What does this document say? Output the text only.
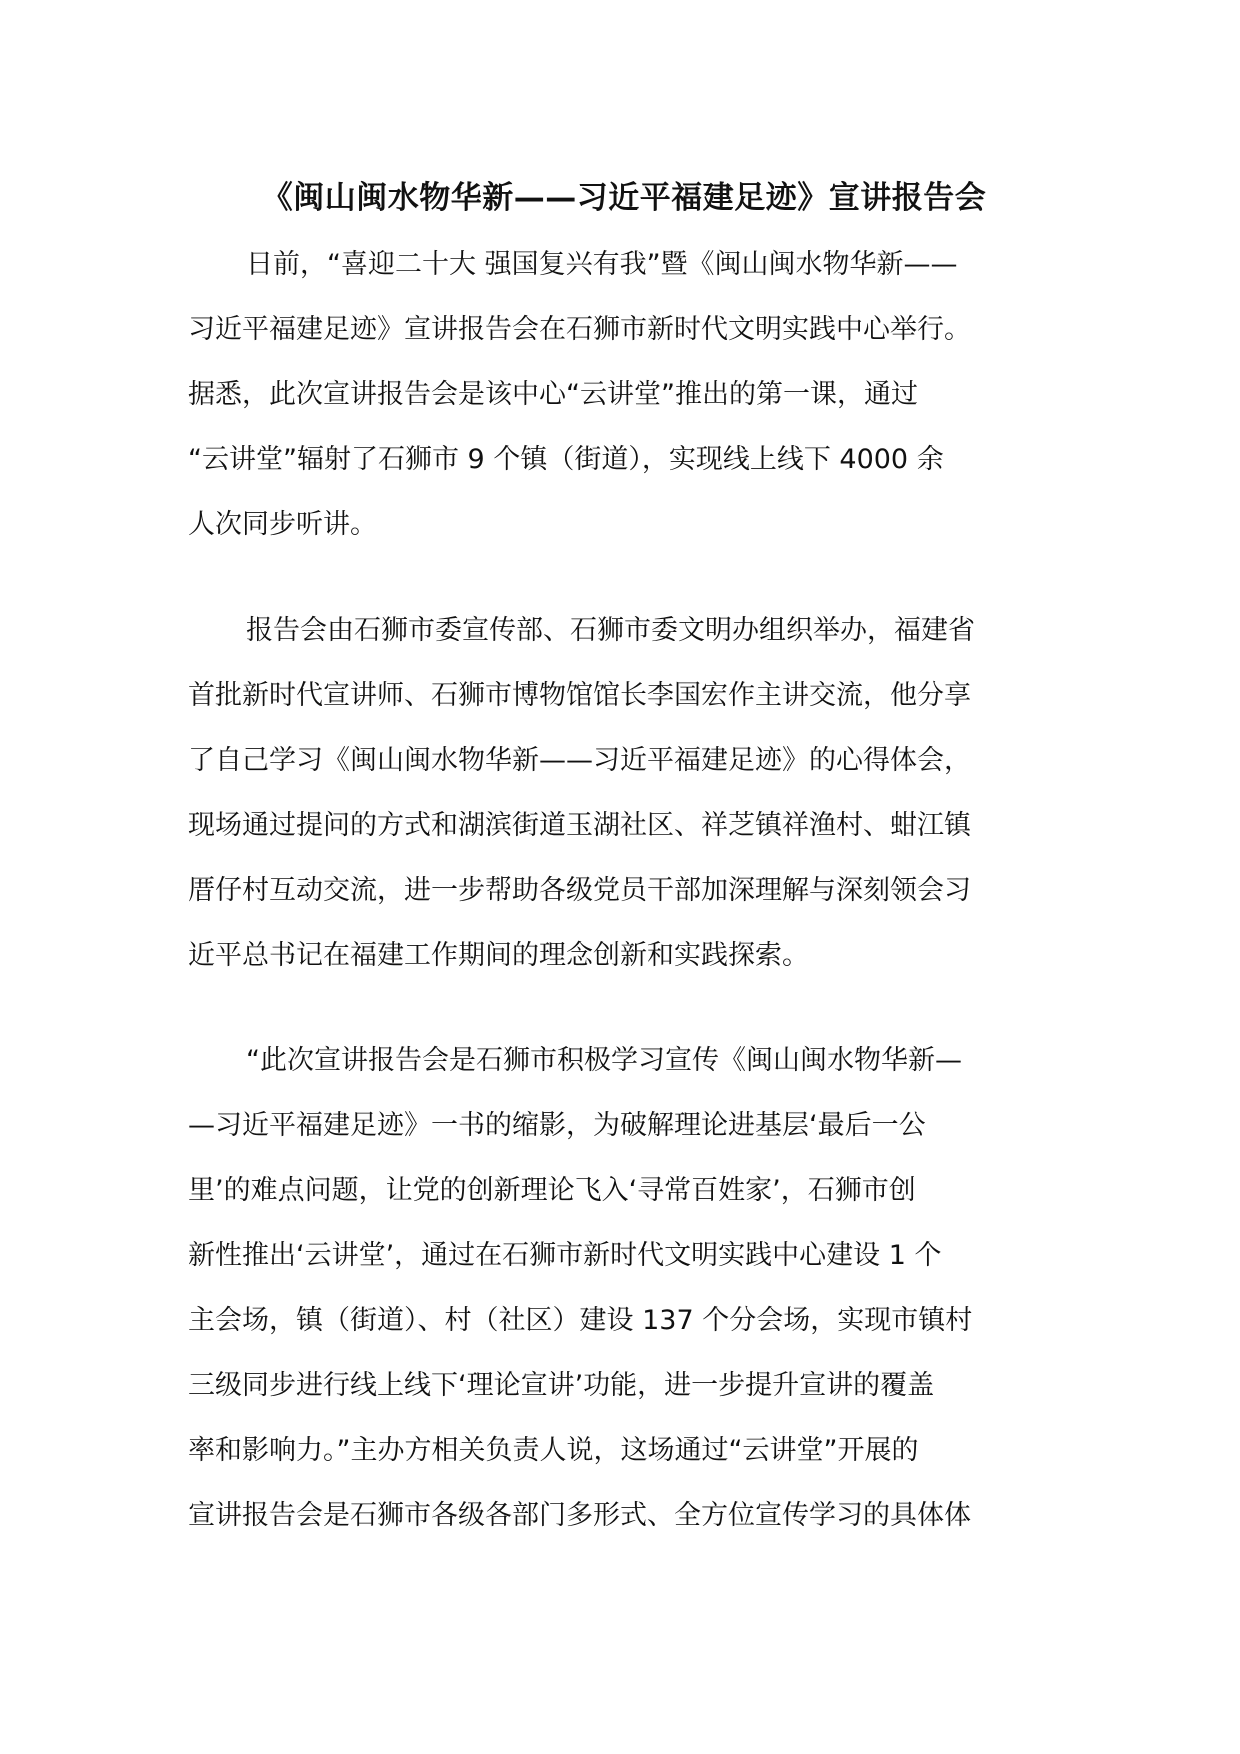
《闽山闽水物华新——习近平福建足迹》宣讲报告会

日前，“喜迎二十大 强国复兴有我”暨《闽山闽水物华新——
习近平福建足迹》宣讲报告会在石狮市新时代文明实践中心举行。
据悉，此次宣讲报告会是该中心“云讲堂”推出的第一课，通过
“云讲堂”辐射了石狮市 9 个镇（街道），实现线上线下 4000 余
人次同步听讲。

报告会由石狮市委宣传部、石狮市委文明办组织举办，福建省
首批新时代宣讲师、石狮市博物馆馆长李国宏作主讲交流，他分享
了自己学习《闽山闽水物华新——习近平福建足迹》的心得体会，
现场通过提问的方式和湖滨街道玉湖社区、祥芝镇祥渔村、蚶江镇
厝仔村互动交流，进一步帮助各级党员干部加深理解与深刻领会习
近平总书记在福建工作期间的理念创新和实践探索。

“此次宣讲报告会是石狮市积极学习宣传《闽山闽水物华新—
—习近平福建足迹》一书的缩影，为破解理论进基层‘最后一公
里’的难点问题，让党的创新理论飞入‘寻常百姓家’，石狮市创
新性推出‘云讲堂’，通过在石狮市新时代文明实践中心建设 1 个
主会场，镇（街道）、村（社区）建设 137 个分会场，实现市镇村
三级同步进行线上线下‘理论宣讲’功能，进一步提升宣讲的覆盖
率和影响力。”主办方相关负责人说，这场通过“云讲堂”开展的
宣讲报告会是石狮市各级各部门多形式、全方位宣传学习的具体体
